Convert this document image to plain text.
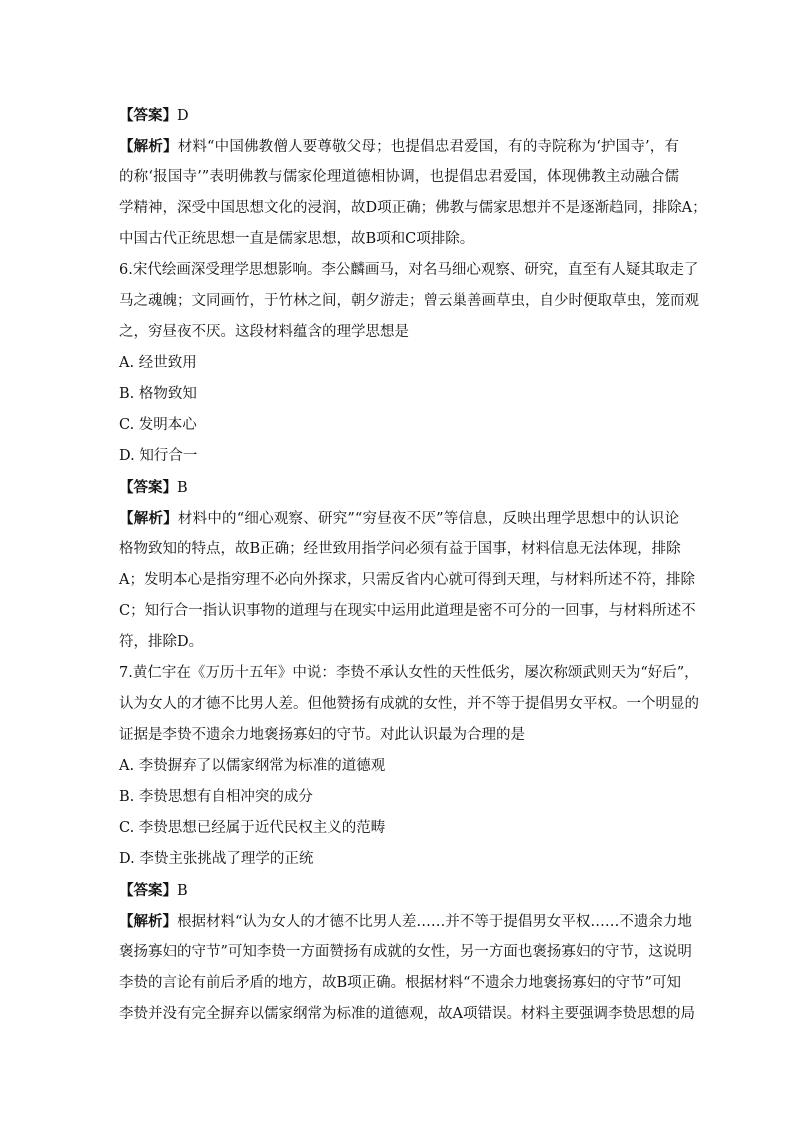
【答案】D
【解析】材料“中国佛教僧人要尊敬父母；也提倡忠君爱国，有的寺院称为‘护国寺’，有
的称‘报国寺’”表明佛教与儒家伦理道德相协调，也提倡忠君爱国，体现佛教主动融合儒
学精神，深受中国思想文化的浸润，故D项正确；佛教与儒家思想并不是逐渐趋同，排除A；
中国古代正统思想一直是儒家思想，故B项和C项排除。
6.宋代绘画深受理学思想影响。李公麟画马，对名马细心观察、研究，直至有人疑其取走了
马之魂魄；文同画竹，于竹林之间，朝夕游走；曾云巢善画草虫，自少时便取草虫，笼而观
之，穷昼夜不厌。这段材料蕴含的理学思想是
A. 经世致用
B. 格物致知
C. 发明本心
D. 知行合一
【答案】B
【解析】材料中的“细心观察、研究”“穷昼夜不厌”等信息，反映出理学思想中的认识论
格物致知的特点，故B正确；经世致用指学问必须有益于国事，材料信息无法体现，排除
A；发明本心是指穷理不必向外探求，只需反省内心就可得到天理，与材料所述不符，排除
C；知行合一指认识事物的道理与在现实中运用此道理是密不可分的一回事，与材料所述不
符，排除D。
7.黄仁宇在《万历十五年》中说：李贽不承认女性的天性低劣，屡次称颂武则天为“好后”，
认为女人的才德不比男人差。但他赞扬有成就的女性，并不等于提倡男女平权。一个明显的
证据是李贽不遗余力地褒扬寡妇的守节。对此认识最为合理的是
A. 李贽摒弃了以儒家纲常为标准的道德观
B. 李贽思想有自相冲突的成分
C. 李贽思想已经属于近代民权主义的范畴
D. 李贽主张挑战了理学的正统
【答案】B
【解析】根据材料“认为女人的才德不比男人差……并不等于提倡男女平权……不遗余力地
褒扬寡妇的守节”可知李贽一方面赞扬有成就的女性，另一方面也褒扬寡妇的守节，这说明
李贽的言论有前后矛盾的地方，故B项正确。根据材料“不遗余力地褒扬寡妇的守节”可知
李贽并没有完全摒弃以儒家纲常为标准的道德观，故A项错误。材料主要强调李贽思想的局
